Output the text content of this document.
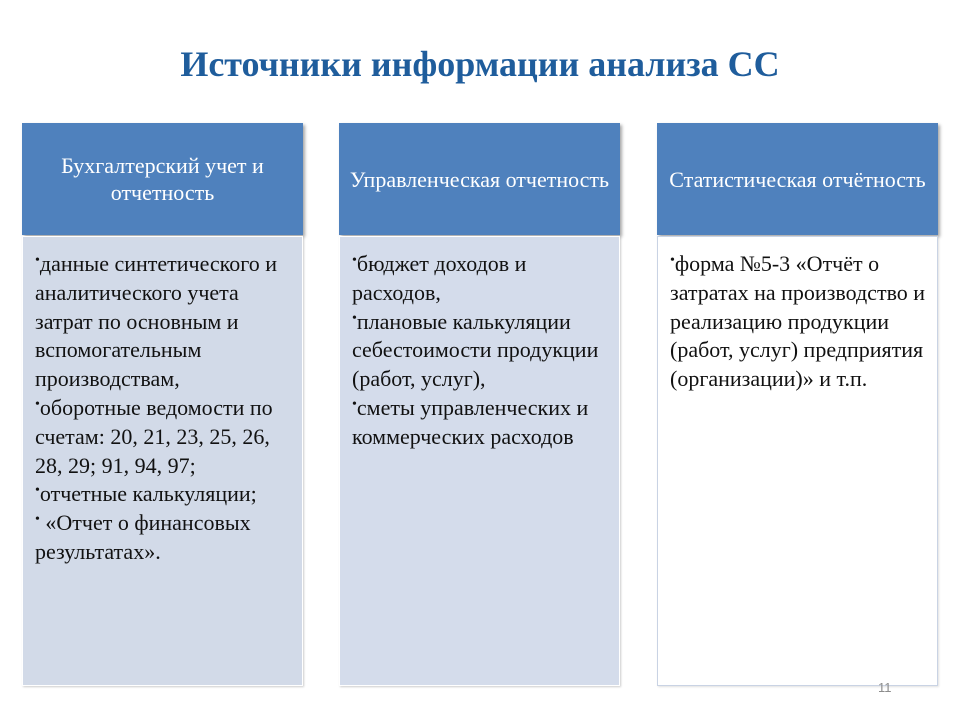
Источники информации анализа СС
Бухгалтерский учет и отчетность

•данные синтетического и аналитического учета затрат по основным и вспомогательным производствам,

•оборотные ведомости по счетам: 20, 21, 23, 25, 26, 28, 29; 91, 94, 97;

•отчетные калькуляции;

• «Отчет о финансовых результатах».

Управленческая отчетность

•бюджет доходов и расходов,

•плановые калькуляции себестоимости продукции (работ, услуг),

•сметы управленческих и коммерческих расходов

Статистическая отчётность

•форма №5-3 «Отчёт о затратах на производство и реализацию продукции (работ, услуг) предприятия (организации)» и т.п.

11
